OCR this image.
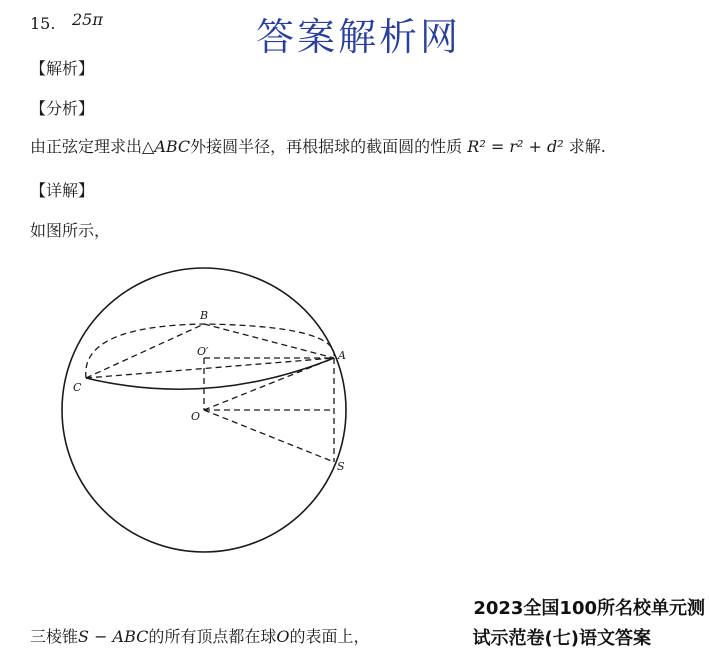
15. 25π	答案解析网
【解析】
【分析】
由正弦定理求出△ABC外接圆半径，再根据球的截面圆的性质 R² = r² + d² 求解.
【详解】
如图所示，
B
O′	A
C
O
S
三棱锥S − ABC的所有顶点都在球O的表面上，
2023全国100所名校单元测
试示范卷(七)语文答案
